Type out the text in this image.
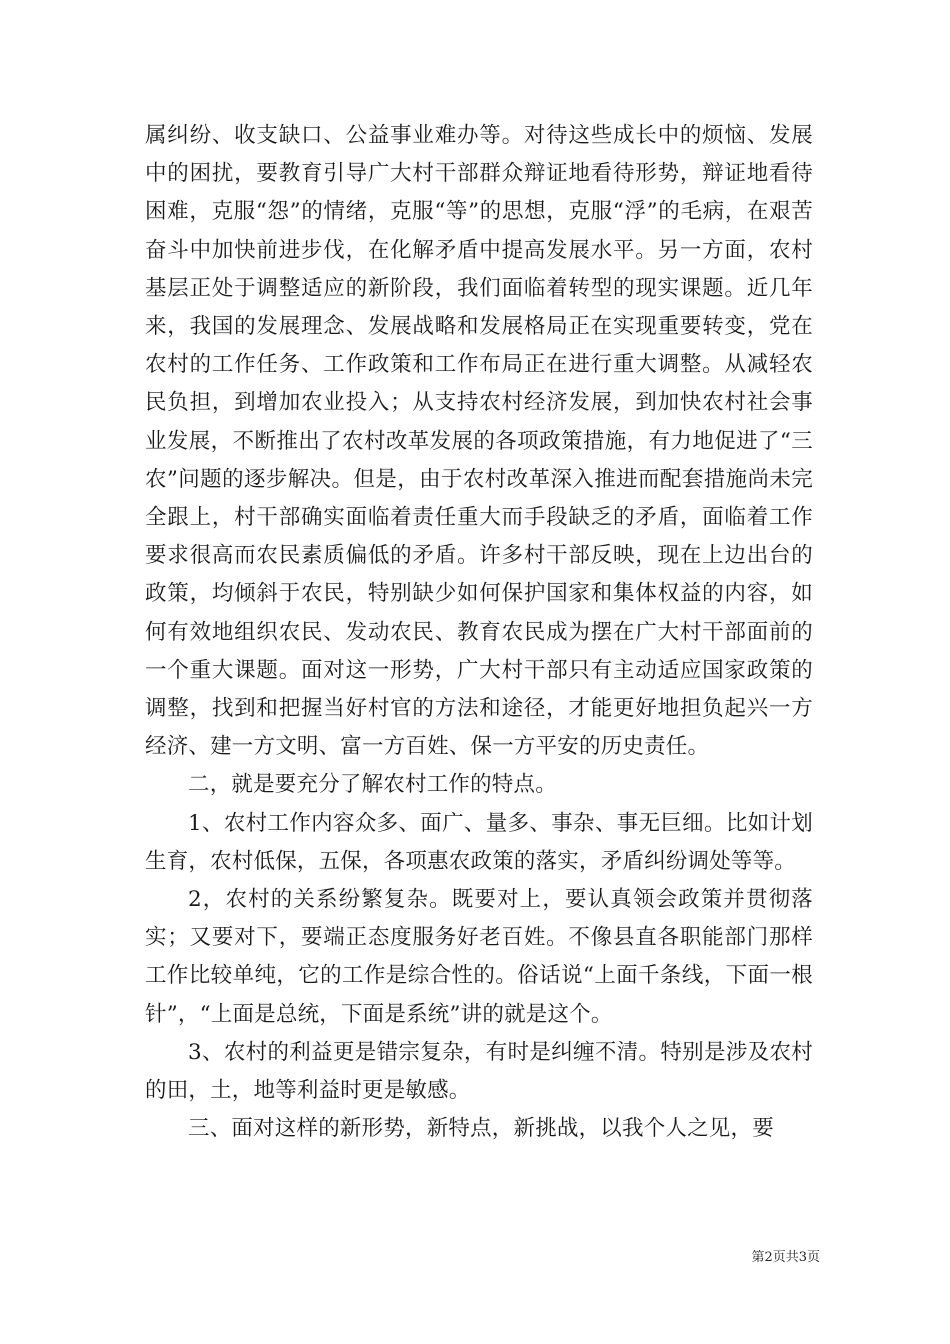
属纠纷、收支缺口、公益事业难办等。对待这些成长中的烦恼、发展中的困扰，要教育引导广大村干部群众辩证地看待形势，辩证地看待困难，克服“怨”的情绪，克服“等”的思想，克服“浮”的毛病，在艰苦奋斗中加快前进步伐，在化解矛盾中提高发展水平。另一方面，农村基层正处于调整适应的新阶段，我们面临着转型的现实课题。近几年来，我国的发展理念、发展战略和发展格局正在实现重要转变，党在农村的工作任务、工作政策和工作布局正在进行重大调整。从减轻农民负担，到增加农业投入；从支持农村经济发展，到加快农村社会事业发展，不断推出了农村改革发展的各项政策措施，有力地促进了“三农”问题的逐步解决。但是，由于农村改革深入推进而配套措施尚未完全跟上，村干部确实面临着责任重大而手段缺乏的矛盾，面临着工作要求很高而农民素质偏低的矛盾。许多村干部反映，现在上边出台的政策，均倾斜于农民，特别缺少如何保护国家和集体权益的内容，如何有效地组织农民、发动农民、教育农民成为摆在广大村干部面前的一个重大课题。面对这一形势，广大村干部只有主动适应国家政策的调整，找到和把握当好村官的方法和途径，才能更好地担负起兴一方经济、建一方文明、富一方百姓、保一方平安的历史责任。

二，就是要充分了解农村工作的特点。

1、农村工作内容众多、面广、量多、事杂、事无巨细。比如计划生育，农村低保，五保，各项惠农政策的落实，矛盾纠纷调处等等。

2，农村的关系纷繁复杂。既要对上，要认真领会政策并贯彻落实；又要对下，要端正态度服务好老百姓。不像县直各职能部门那样工作比较单纯，它的工作是综合性的。俗话说“上面千条线，下面一根针”，“上面是总统，下面是系统”讲的就是这个。

3、农村的利益更是错宗复杂，有时是纠缠不清。特别是涉及农村的田，土，地等利益时更是敏感。

三、面对这样的新形势，新特点，新挑战，以我个人之见，要

第2页共3页
